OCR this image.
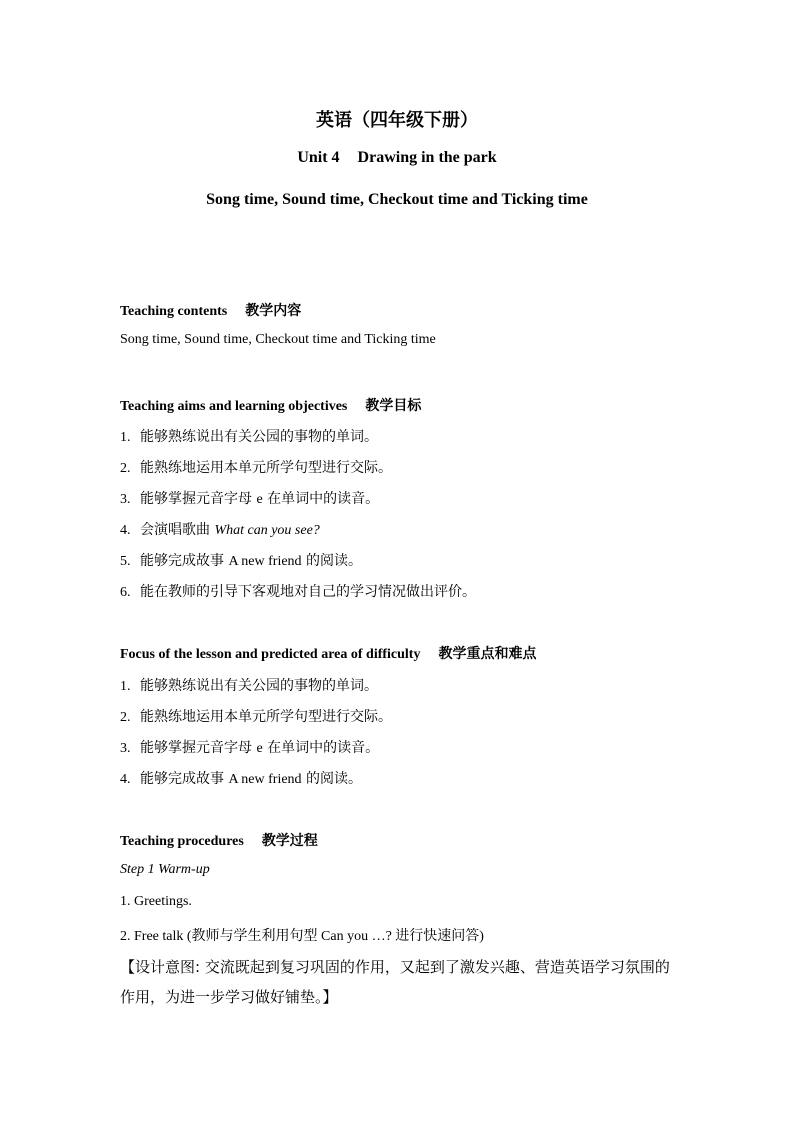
英语（四年级下册）
Unit 4 Drawing in the park
Song time, Sound time, Checkout time and Ticking time
Teaching contents 教学内容
Song time, Sound time, Checkout time and Ticking time
Teaching aims and learning objectives 教学目标
1. 能够熟练说出有关公园的事物的单词。
2. 能熟练地运用本单元所学句型进行交际。
3. 能够掌握元音字母 e 在单词中的读音。
4. 会演唱歌曲 What can you see?
5. 能够完成故事 A new friend 的阅读。
6. 能在教师的引导下客观地对自己的学习情况做出评价。
Focus of the lesson and predicted area of difficulty 教学重点和难点
1. 能够熟练说出有关公园的事物的单词。
2. 能熟练地运用本单元所学句型进行交际。
3. 能够掌握元音字母 e 在单词中的读音。
4. 能够完成故事 A new friend 的阅读。
Teaching procedures 教学过程
Step 1 Warm-up
1. Greetings.
2. Free talk (教师与学生利用句型 Can you …? 进行快速问答)
【设计意图: 交流既起到复习巩固的作用，又起到了激发兴趣、营造英语学习氛围的作用，为进一步学习做好铺垫。】
